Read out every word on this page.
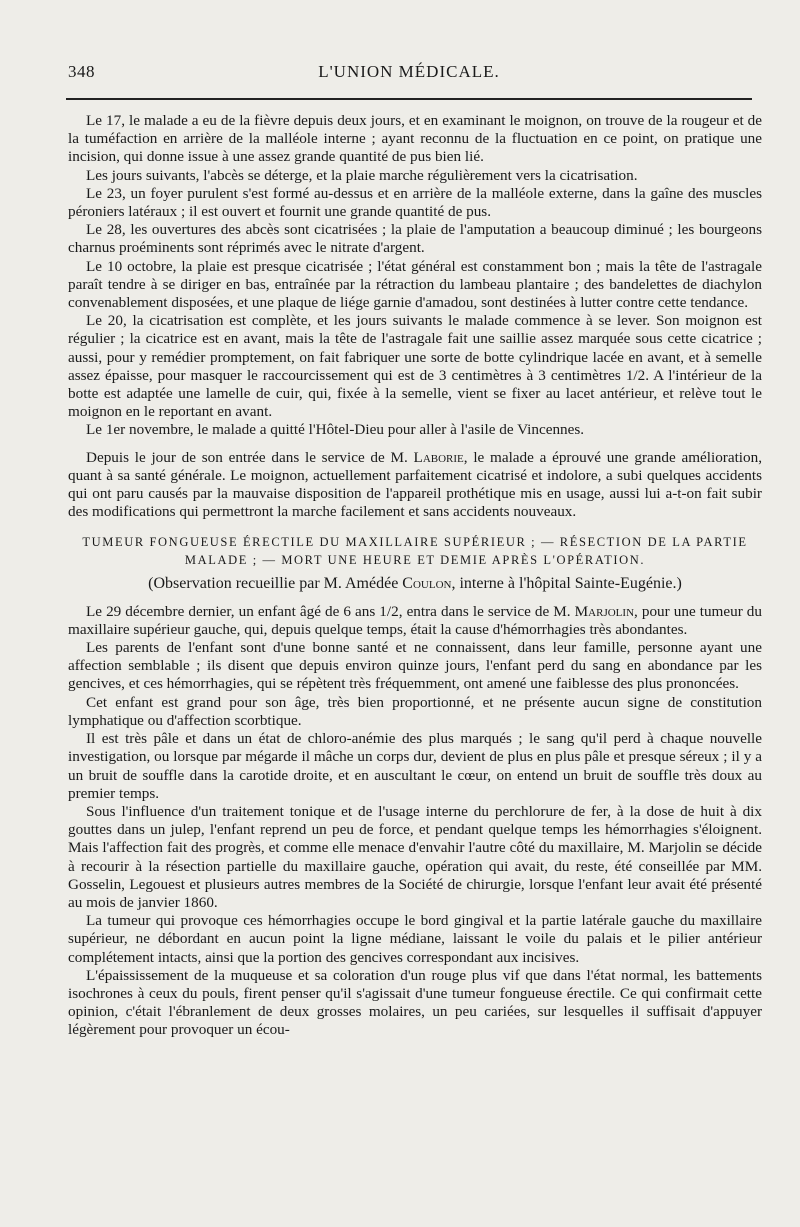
348	L'UNION MÉDICALE.

Le 17, le malade a eu de la fièvre depuis deux jours, et en examinant le moignon, on trouve de la rougeur et de la tuméfaction en arrière de la malléole interne ; ayant reconnu de la fluctuation en ce point, on pratique une incision, qui donne issue à une assez grande quantité de pus bien lié.

Les jours suivants, l'abcès se déterge, et la plaie marche régulièrement vers la cicatrisation.

Le 23, un foyer purulent s'est formé au-dessus et en arrière de la malléole externe, dans la gaîne des muscles péroniers latéraux ; il est ouvert et fournit une grande quantité de pus.

Le 28, les ouvertures des abcès sont cicatrisées ; la plaie de l'amputation a beaucoup diminué ; les bourgeons charnus proéminents sont réprimés avec le nitrate d'argent.

Le 10 octobre, la plaie est presque cicatrisée ; l'état général est constamment bon ; mais la tête de l'astragale paraît tendre à se diriger en bas, entraînée par la rétraction du lambeau plantaire ; des bandelettes de diachylon convenablement disposées, et une plaque de liége garnie d'amadou, sont destinées à lutter contre cette tendance.

Le 20, la cicatrisation est complète, et les jours suivants le malade commence à se lever. Son moignon est régulier ; la cicatrice est en avant, mais la tête de l'astragale fait une saillie assez marquée sous cette cicatrice ; aussi, pour y remédier promptement, on fait fabriquer une sorte de botte cylindrique lacée en avant, et à semelle assez épaisse, pour masquer le raccourcissement qui est de 3 centimètres à 3 centimètres 1/2. A l'intérieur de la botte est adaptée une lamelle de cuir, qui, fixée à la semelle, vient se fixer au lacet antérieur, et relève tout le moignon en le reportant en avant.

Le 1er novembre, le malade a quitté l'Hôtel-Dieu pour aller à l'asile de Vincennes.

Depuis le jour de son entrée dans le service de M. Laborie, le malade a éprouvé une grande amélioration, quant à sa santé générale. Le moignon, actuellement parfaitement cicatrisé et indolore, a subi quelques accidents qui ont paru causés par la mauvaise disposition de l'appareil prothétique mis en usage, aussi lui a-t-on fait subir des modifications qui permettront la marche facilement et sans accidents nouveaux.

TUMEUR FONGUEUSE ÉRECTILE DU MAXILLAIRE SUPÉRIEUR ; — RÉSECTION DE LA PARTIE
MALADE ; — MORT UNE HEURE ET DEMIE APRÈS L'OPÉRATION.
(Observation recueillie par M. Amédée Coulon, interne à l'hôpital Sainte-Eugénie.)

Le 29 décembre dernier, un enfant âgé de 6 ans 1/2, entra dans le service de M. Marjolin, pour une tumeur du maxillaire supérieur gauche, qui, depuis quelque temps, était la cause d'hémorrhagies très abondantes.

Les parents de l'enfant sont d'une bonne santé et ne connaissent, dans leur famille, personne ayant une affection semblable ; ils disent que depuis environ quinze jours, l'enfant perd du sang en abondance par les gencives, et ces hémorrhagies, qui se répètent très fréquemment, ont amené une faiblesse des plus prononcées.

Cet enfant est grand pour son âge, très bien proportionné, et ne présente aucun signe de constitution lymphatique ou d'affection scorbtique.

Il est très pâle et dans un état de chloro-anémie des plus marqués ; le sang qu'il perd à chaque nouvelle investigation, ou lorsque par mégarde il mâche un corps dur, devient de plus en plus pâle et presque séreux ; il y a un bruit de souffle dans la carotide droite, et en auscultant le cœur, on entend un bruit de souffle très doux au premier temps.

Sous l'influence d'un traitement tonique et de l'usage interne du perchlorure de fer, à la dose de huit à dix gouttes dans un julep, l'enfant reprend un peu de force, et pendant quelque temps les hémorrhagies s'éloignent. Mais l'affection fait des progrès, et comme elle menace d'envahir l'autre côté du maxillaire, M. Marjolin se décide à recourir à la résection partielle du maxillaire gauche, opération qui avait, du reste, été conseillée par MM. Gosselin, Legouest et plusieurs autres membres de la Société de chirurgie, lorsque l'enfant leur avait été présenté au mois de janvier 1860.

La tumeur qui provoque ces hémorrhagies occupe le bord gingival et la partie latérale gauche du maxillaire supérieur, ne débordant en aucun point la ligne médiane, laissant le voile du palais et le pilier antérieur complétement intacts, ainsi que la portion des gencives correspondant aux incisives.

L'épaississement de la muqueuse et sa coloration d'un rouge plus vif que dans l'état normal, les battements isochrones à ceux du pouls, firent penser qu'il s'agissait d'une tumeur fongueuse érectile. Ce qui confirmait cette opinion, c'était l'ébranlement de deux grosses molaires, un peu cariées, sur lesquelles il suffisait d'appuyer légèrement pour provoquer un écou-
